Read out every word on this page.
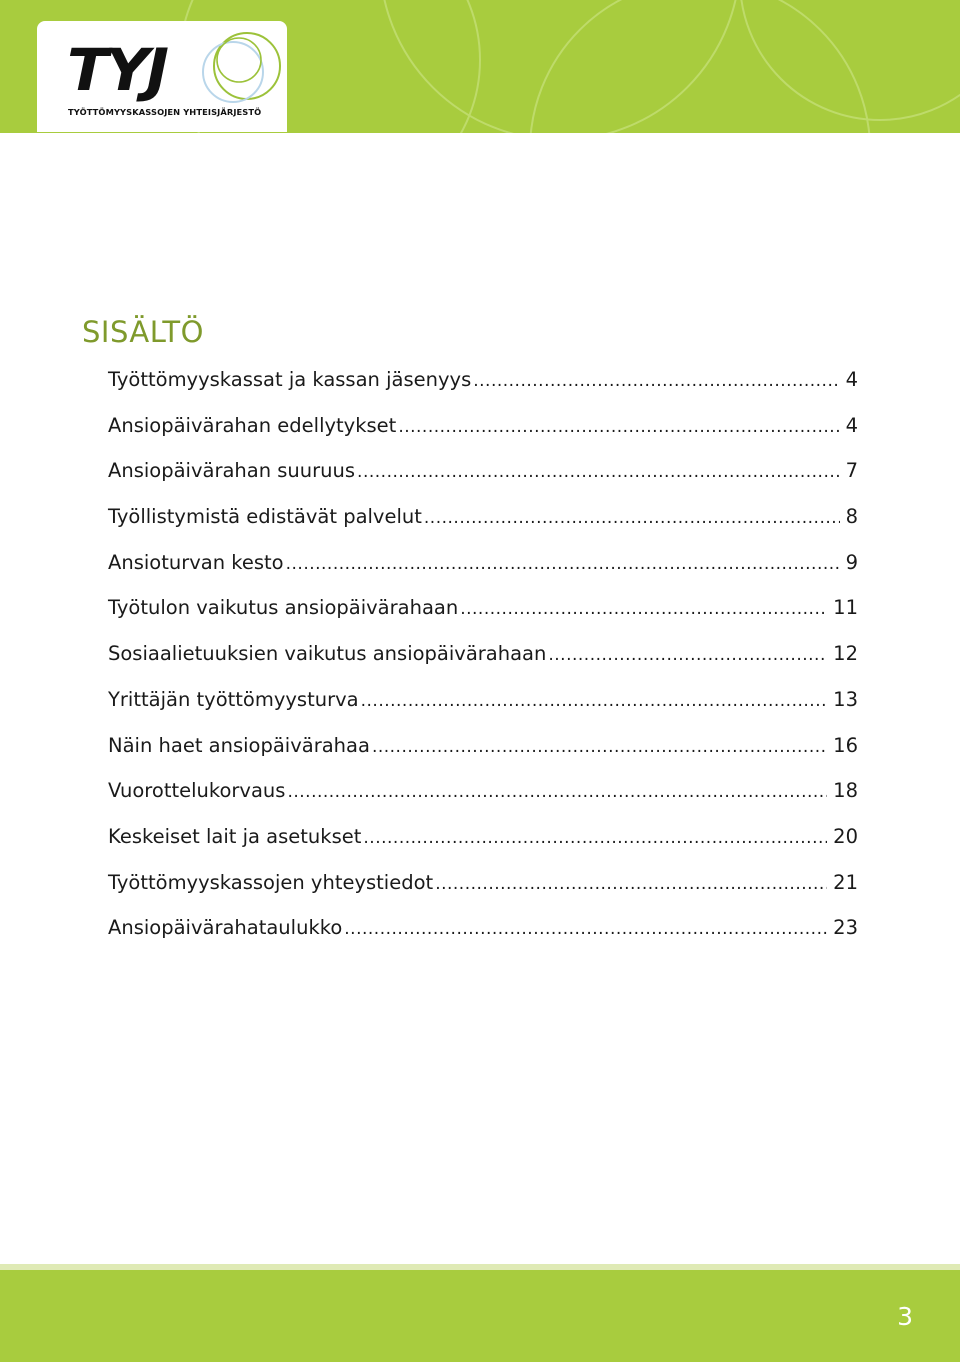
TYJ
TYÖTTÖMYYSKASSOJEN YHTEISJÄRJESTÖ
SISÄLTÖ
Työttömyyskassat ja kassan jäsenyys .....	4
Ansiopäivärahan edellytykset .....	4
Ansiopäivärahan suuruus .....	7
Työllistymistä edistävät palvelut .....	8
Ansioturvan kesto .....	9
Työtulon vaikutus ansiopäivärahaan .....	11
Sosiaalietuuksien vaikutus ansiopäivärahaan .....	12
Yrittäjän työttömyysturva .....	13
Näin haet ansiopäivärahaa .....	16
Vuorottelukorvaus .....	18
Keskeiset lait ja asetukset .....	20
Työttömyyskassojen yhteystiedot .....	21
Ansiopäivärahataulukko .....	23
3
